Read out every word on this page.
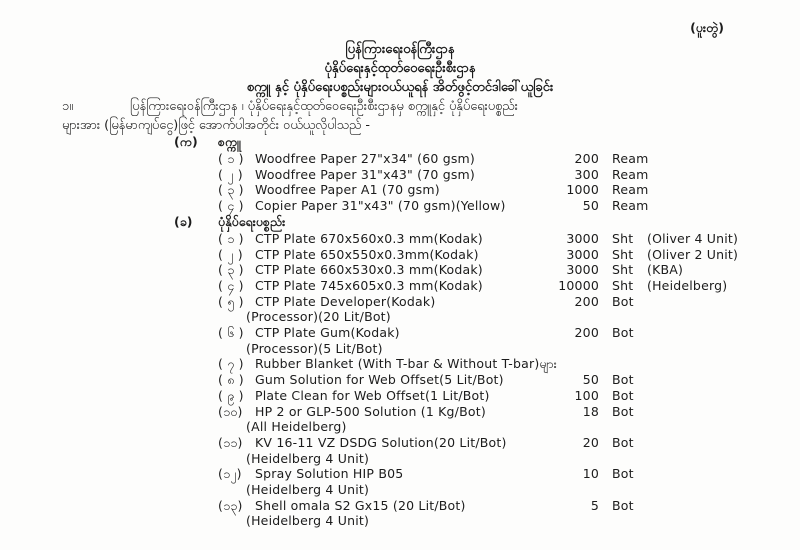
(ပူးတွဲ)
ပြန်ကြားရေးဝန်ကြီးဌာန
ပုံနှိပ်ရေးနှင့်ထုတ်ဝေရေးဦးစီးဌာန
စက္ကူ နှင့် ပုံနှိပ်ရေးပစ္စည်းများဝယ်ယူရန် အိတ်ဖွင့်တင်ဒါခေါ်ယူခြင်း
၁။	ပြန်ကြားရေးဝန်ကြီးဌာန ၊ ပုံနှိပ်ရေးနှင့်ထုတ်ဝေရေးဦးစီးဌာနမှ စက္ကူနှင့် ပုံနှိပ်ရေးပစ္စည်း
များအား (မြန်မာကျပ်ငွေ)ဖြင့် အောက်ပါအတိုင်း ဝယ်ယူလိုပါသည် -
(က)	စက္ကူ
( ၁ ) Woodfree Paper 27"x34" (60 gsm)	200	Ream
( ၂ ) Woodfree Paper 31"x43" (70 gsm)	300	Ream
( ၃ ) Woodfree Paper A1 (70 gsm)	1000	Ream
( ၄ ) Copier Paper 31"x43" (70 gsm)(Yellow)	50	Ream
(ခ)	ပုံနှိပ်ရေးပစ္စည်း
( ၁ ) CTP Plate 670x560x0.3 mm(Kodak)	3000	Sht	(Oliver 4 Unit)
( ၂ ) CTP Plate 650x550x0.3mm(Kodak)	3000	Sht	(Oliver 2 Unit)
( ၃ ) CTP Plate 660x530x0.3 mm(Kodak)	3000	Sht	(KBA)
( ၄ ) CTP Plate 745x605x0.3 mm(Kodak)	10000	Sht	(Heidelberg)
( ၅ ) CTP Plate Developer(Kodak)	200	Bot
(Processor)(20 Lit/Bot)
( ၆ ) CTP Plate Gum(Kodak)	200	Bot
(Processor)(5 Lit/Bot)
( ၇ ) Rubber Blanket (With T-bar & Without T-bar)များ
( ၈ ) Gum Solution for Web Offset(5 Lit/Bot)	50	Bot
( ၉ ) Plate Clean for Web Offset(1 Lit/Bot)	100	Bot
(၁၀) HP 2 or GLP-500 Solution (1 Kg/Bot)	18	Bot
(All Heidelberg)
(၁၁) KV 16-11 VZ DSDG Solution(20 Lit/Bot)	20	Bot
(Heidelberg 4 Unit)
(၁၂)	Spray Solution HIP B05	10	Bot
(Heidelberg 4 Unit)
(၁၃) Shell omala S2 Gx15 (20 Lit/Bot)	5	Bot
(Heidelberg 4 Unit)
